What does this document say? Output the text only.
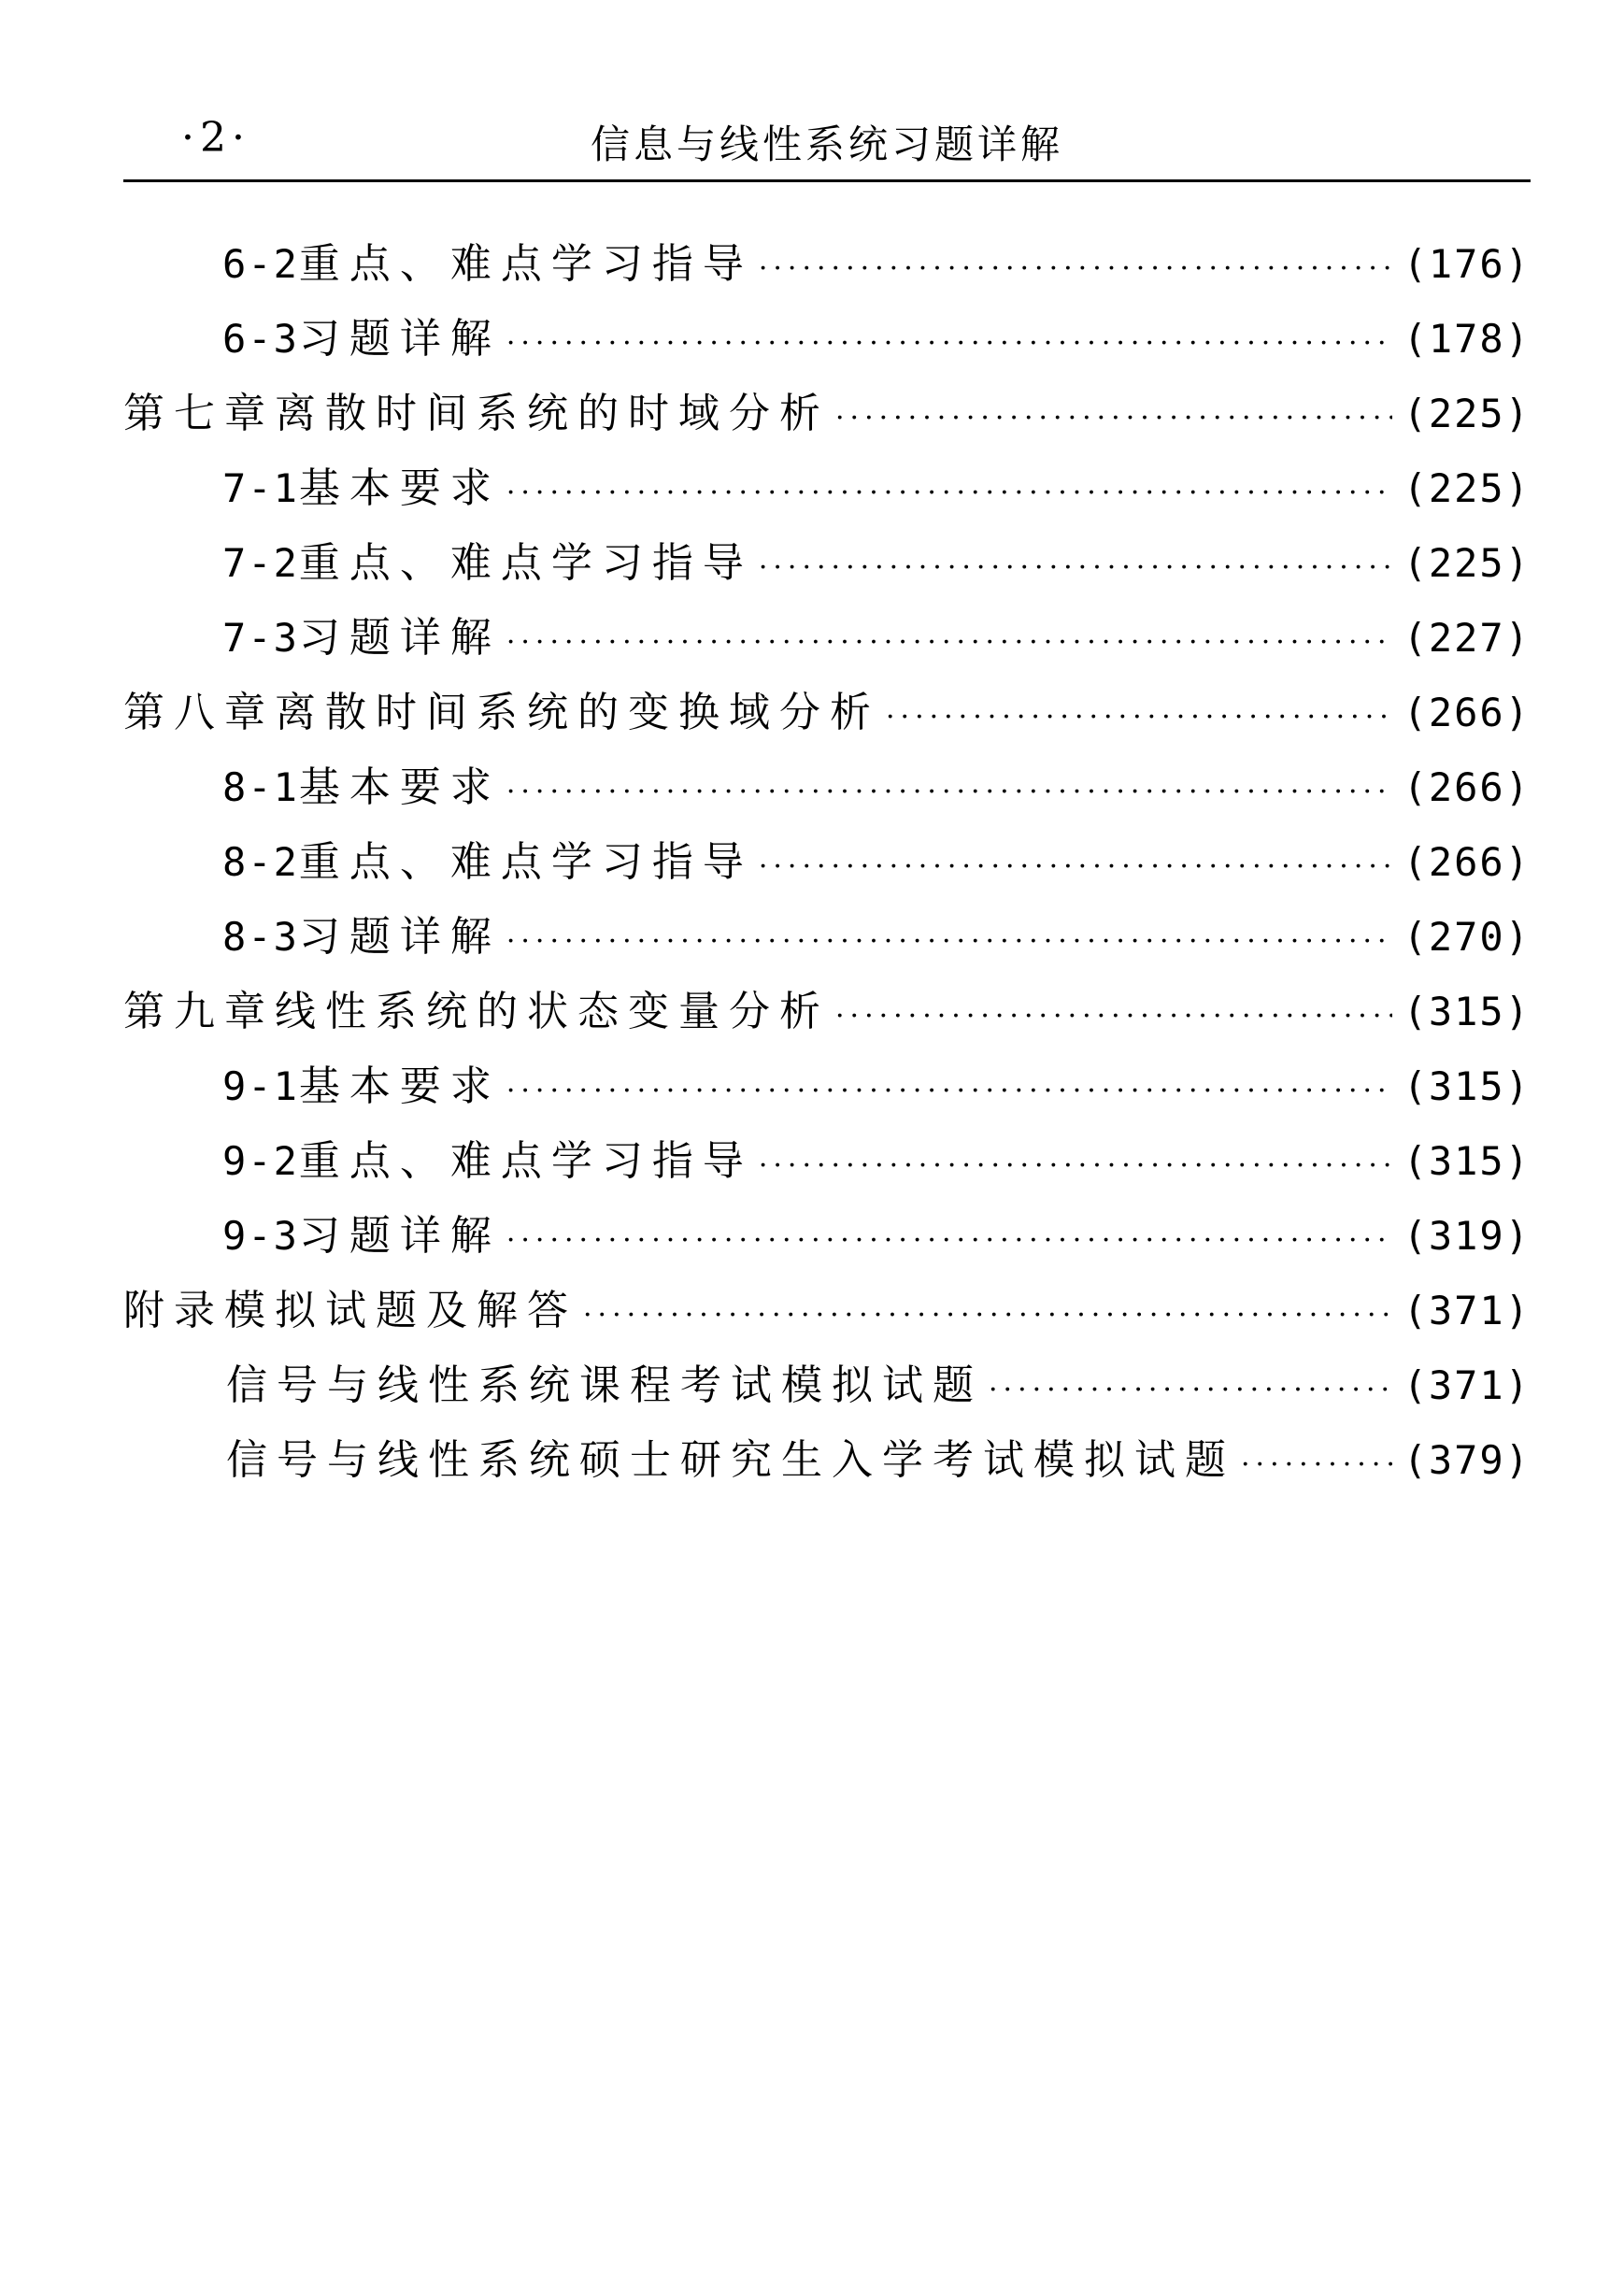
·2·	信息与线性系统习题详解
6-2 重点、难点学习指导 ·····	(176)
6-3 习题详解 ·····	(178)
第七章 离散时间系统的时域分析 ·····	(225)
7-1 基本要求 ·····	(225)
7-2 重点、难点学习指导 ·····	(225)
7-3 习题详解 ·····	(227)
第八章 离散时间系统的变换域分析 ·····	(266)
8-1 基本要求 ·····	(266)
8-2 重点、难点学习指导 ·····	(266)
8-3 习题详解 ·····	(270)
第九章 线性系统的状态变量分析 ·····	(315)
9-1 基本要求 ·····	(315)
9-2 重点、难点学习指导 ·····	(315)
9-3 习题详解 ·····	(319)
附录 模拟试题及解答 ·····	(371)
信号与线性系统课程考试模拟试题 ·····	(371)
信号与线性系统硕士研究生入学考试模拟试题 ·····	(379)
